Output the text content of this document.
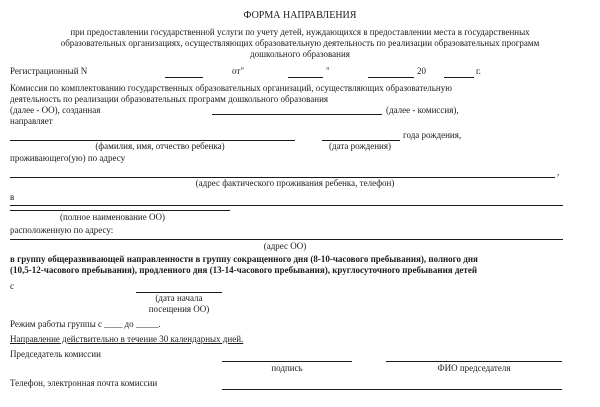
ФОРМА НАПРАВЛЕНИЯ
при предоставлении государственной услуги по учету детей, нуждающихся в предоставлении места в государственных
образовательных организациях, осуществляющих образовательную деятельность по реализации образовательных программ
дошкольного образования
Регистрационный N	от"	"	20	г.
Комиссия по комплектованию государственных образовательных организаций, осуществляющих образовательную
деятельность по реализации образовательных программ дошкольного образования
(далее - ОО), созданная	(далее - комиссия),
направляет
года рождения,
(фамилия, имя, отчество ребенка)	(дата рождения)
проживающего(ую) по адресу
,
(адрес фактического проживания ребенка, телефон)
в
(полное наименование ОО)
расположенную по адресу:
(адрес ОО)
в группу общеразвивающей направленности в группу сокращенного дня (8-10-часового пребывания), полного дня
(10,5-12-часового пребывания), продленного дня (13-14-часового пребывания), круглосуточного пребывания детей
с
(дата начала
посещения ОО)
Режим работы группы с ____ до _____.
Направление действительно в течение 30 календарных дней.
Председатель комиссии
подпись	ФИО председателя
Телефон, электронная почта комиссии
